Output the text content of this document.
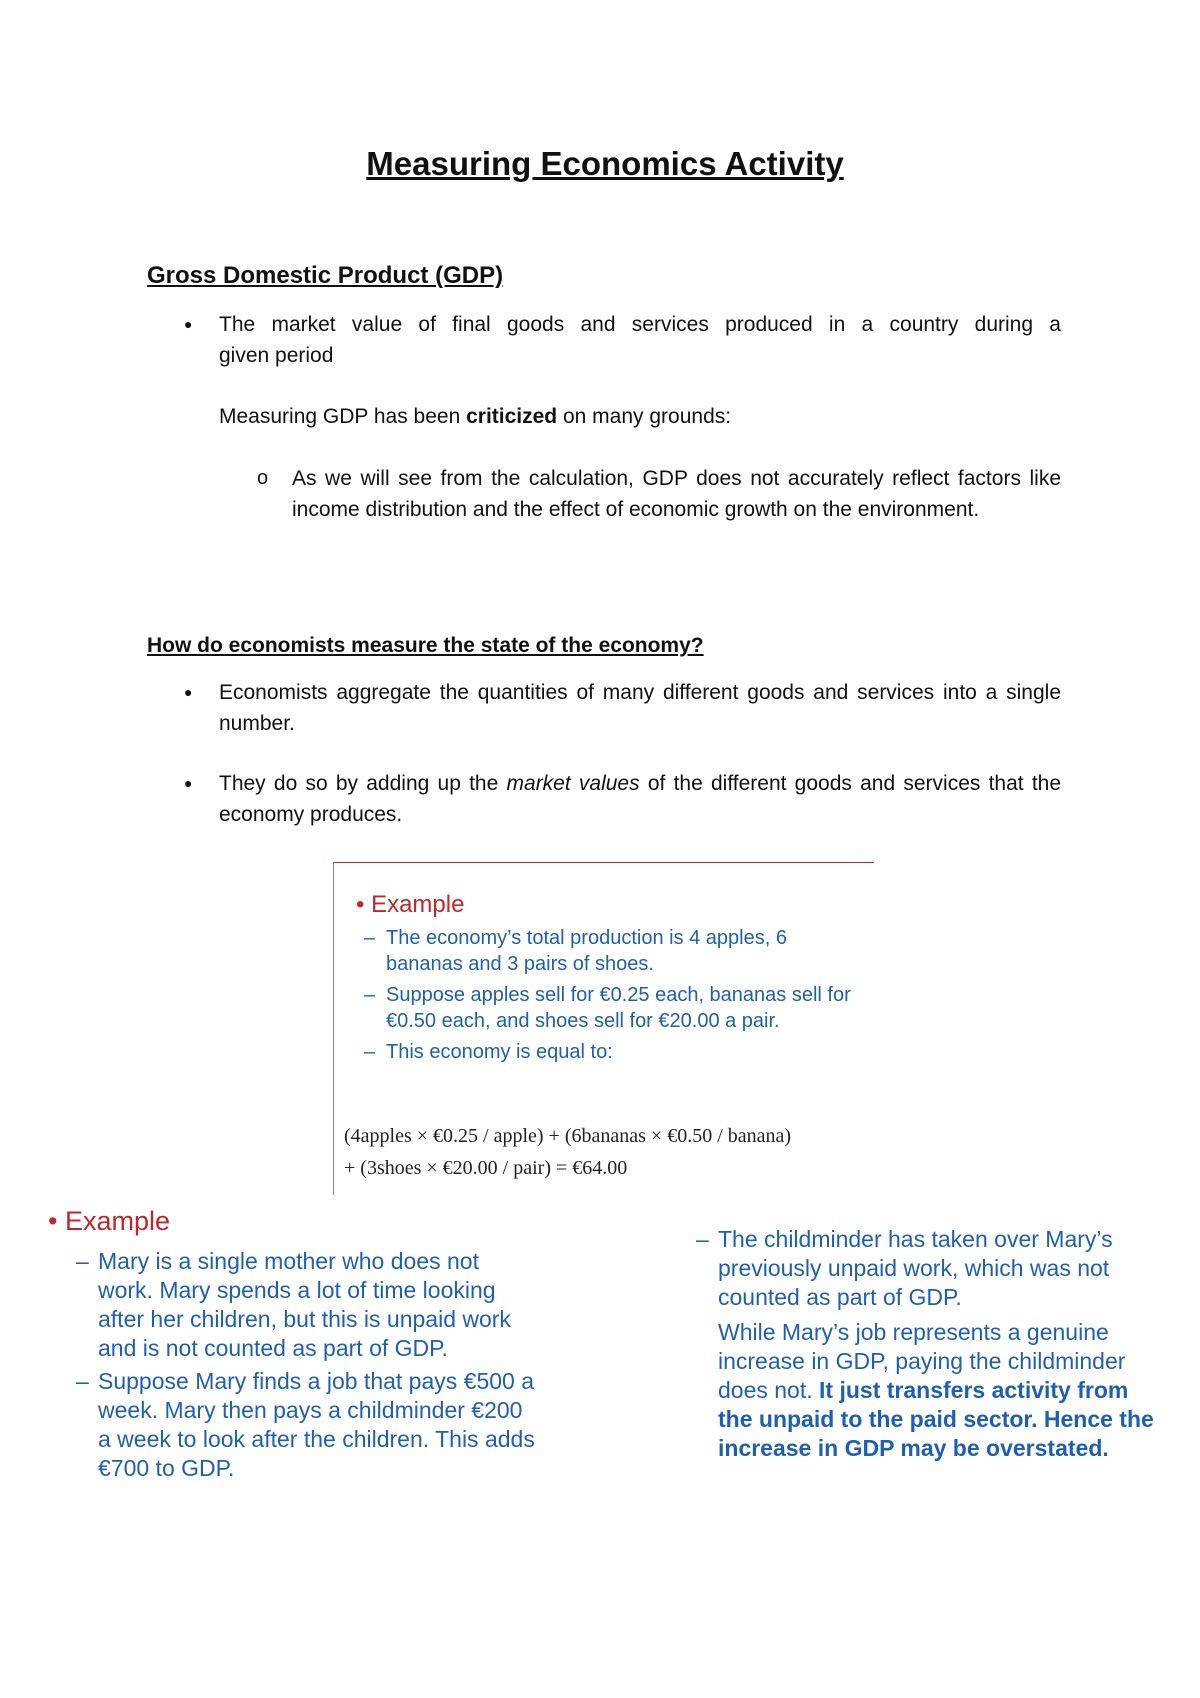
Measuring Economics Activity
Gross Domestic Product (GDP)
● The market value of final goods and services produced in a country during a
given period
Measuring GDP has been criticized on many grounds:
o As we will see from the calculation, GDP does not accurately reflect factors like income distribution and the effect of economic growth on the environment.
How do economists measure the state of the economy?
● Economists aggregate the quantities of many different goods and services into a single number.
● They do so by adding up the market values of the different goods and services that the economy produces.
• Example
– The economy’s total production is 4 apples, 6 bananas and 3 pairs of shoes.
– Suppose apples sell for €0.25 each, bananas sell for €0.50 each, and shoes sell for €20.00 a pair.
– This economy is equal to:
(4apples × €0.25 / apple) + (6bananas × €0.50 / banana)
+ (3shoes × €20.00 / pair) = €64.00
• Example
– Mary is a single mother who does not work. Mary spends a lot of time looking after her children, but this is unpaid work and is not counted as part of GDP.
– Suppose Mary finds a job that pays €500 a week. Mary then pays a childminder €200 a week to look after the children. This adds €700 to GDP.
– The childminder has taken over Mary’s previously unpaid work, which was not counted as part of GDP.
While Mary’s job represents a genuine increase in GDP, paying the childminder does not. It just transfers activity from the unpaid to the paid sector. Hence the increase in GDP may be overstated.
